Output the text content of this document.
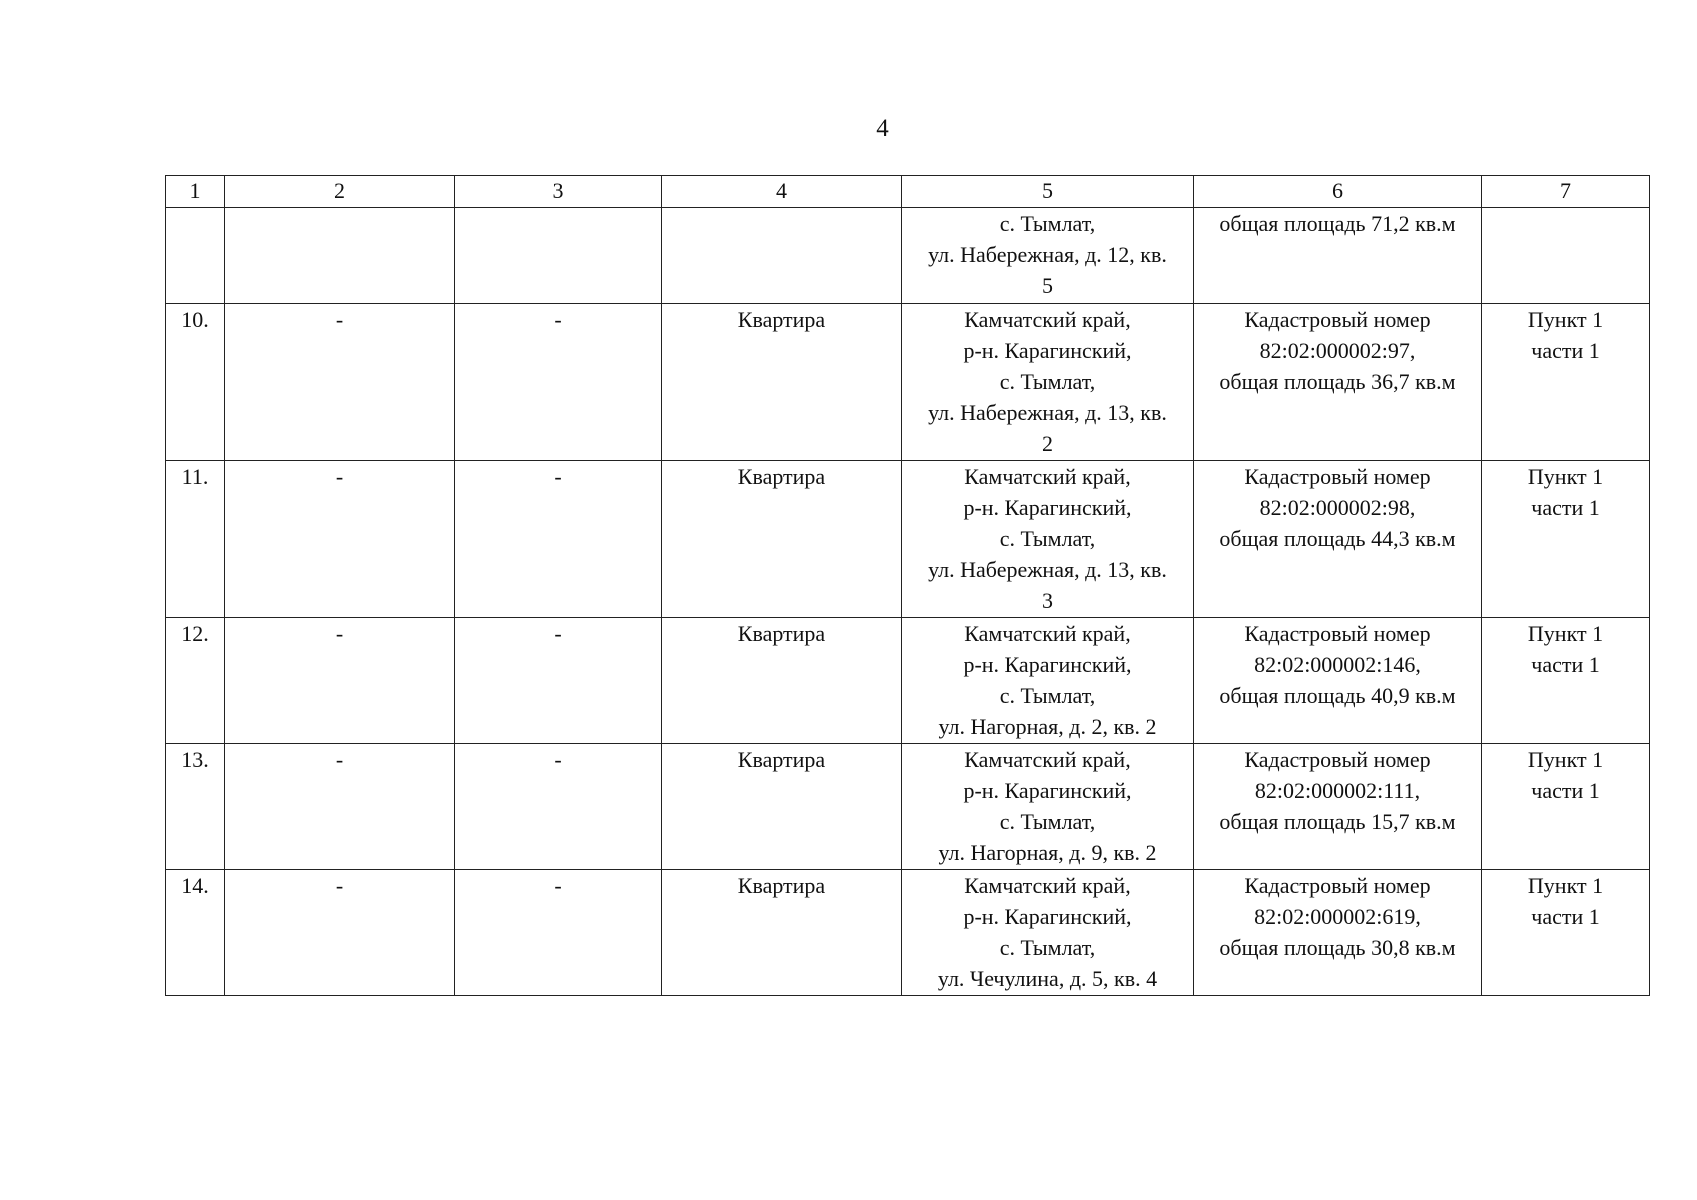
4
1	2	3	4	5	6	7

				с. Тымлат,
ул. Набережная, д. 12, кв.
5	общая площадь 71,2 кв.м	

10.	-	-	Квартира	Камчатский край,
р-н. Карагинский,
с. Тымлат,
ул. Набережная, д. 13, кв.
2	Кадастровый номер
82:02:000002:97,
общая площадь 36,7 кв.м	Пункт 1
части 1

11.	-	-	Квартира	Камчатский край,
р-н. Карагинский,
с. Тымлат,
ул. Набережная, д. 13, кв.
3	Кадастровый номер
82:02:000002:98,
общая площадь 44,3 кв.м	Пункт 1
части 1

12.	-	-	Квартира	Камчатский край,
р-н. Карагинский,
с. Тымлат,
ул. Нагорная, д. 2, кв. 2	Кадастровый номер
82:02:000002:146,
общая площадь 40,9 кв.м	Пункт 1
части 1

13.	-	-	Квартира	Камчатский край,
р-н. Карагинский,
с. Тымлат,
ул. Нагорная, д. 9, кв. 2	Кадастровый номер
82:02:000002:111,
общая площадь 15,7 кв.м	Пункт 1
части 1

14.	-	-	Квартира	Камчатский край,
р-н. Карагинский,
с. Тымлат,
ул. Чечулина, д. 5, кв. 4	Кадастровый номер
82:02:000002:619,
общая площадь 30,8 кв.м	Пункт 1
части 1
